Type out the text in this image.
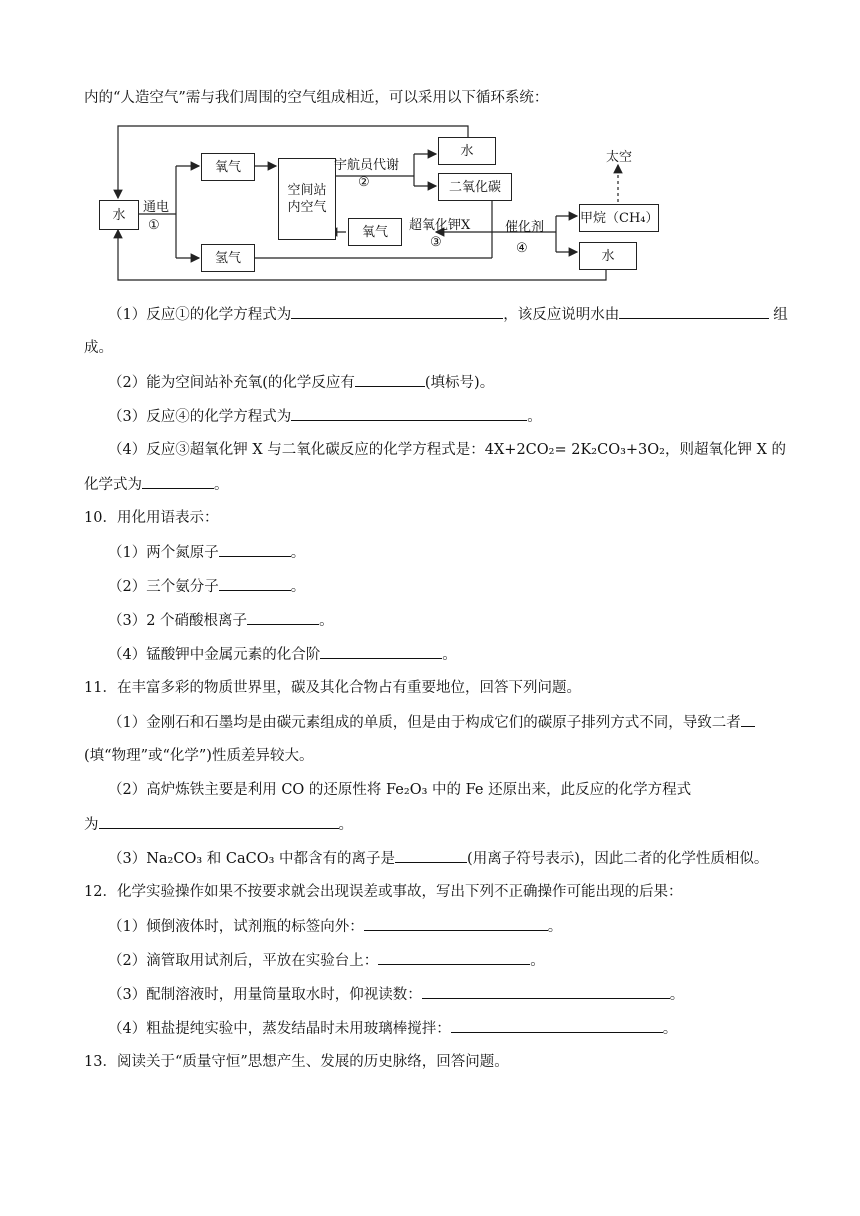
内的“人造空气”需与我们周围的空气组成相近，可以采用以下循环系统：
水	通电
①
氧气
氢气
空间站内空气
宇航员代谢
②
水
二氧化碳
氧气	超氧化钾X
③
催化剂
④
太空
甲烷（CH₄）
水
（1）反应①的化学方程式为	，该反应说明水由	组
成。
（2）能为空间站补充氧(的化学反应有	(填标号)。
（3）反应④的化学方程式为	。
（4）反应③超氧化钾 X 与二氧化碳反应的化学方程式是：4X+2CO₂= 2K₂CO₃+3O₂，则超氧化钾 X 的
化学式为	。
10．用化用语表示：
（1）两个氮原子	。
（2）三个氨分子	。
（3）2 个硝酸根离子	。
（4）锰酸钾中金属元素的化合阶	。
11．在丰富多彩的物质世界里，碳及其化合物占有重要地位，回答下列问题。
（1）金刚石和石墨均是由碳元素组成的单质，但是由于构成它们的碳原子排列方式不同，导致二者
(填“物理”或“化学”)性质差异较大。
（2）高炉炼铁主要是利用 CO 的还原性将 Fe₂O₃ 中的 Fe 还原出来，此反应的化学方程式
为	。
（3）Na₂CO₃ 和 CaCO₃ 中都含有的离子是	(用离子符号表示)，因此二者的化学性质相似。
12．化学实验操作如果不按要求就会出现误差或事故，写出下列不正确操作可能出现的后果：
（1）倾倒液体时，试剂瓶的标签向外：	。
（2）滴管取用试剂后，平放在实验台上：	。
（3）配制溶液时，用量筒量取水时，仰视读数：	。
（4）粗盐提纯实验中，蒸发结晶时未用玻璃棒搅拌：	。
13．阅读关于“质量守恒”思想产生、发展的历史脉络，回答问题。
